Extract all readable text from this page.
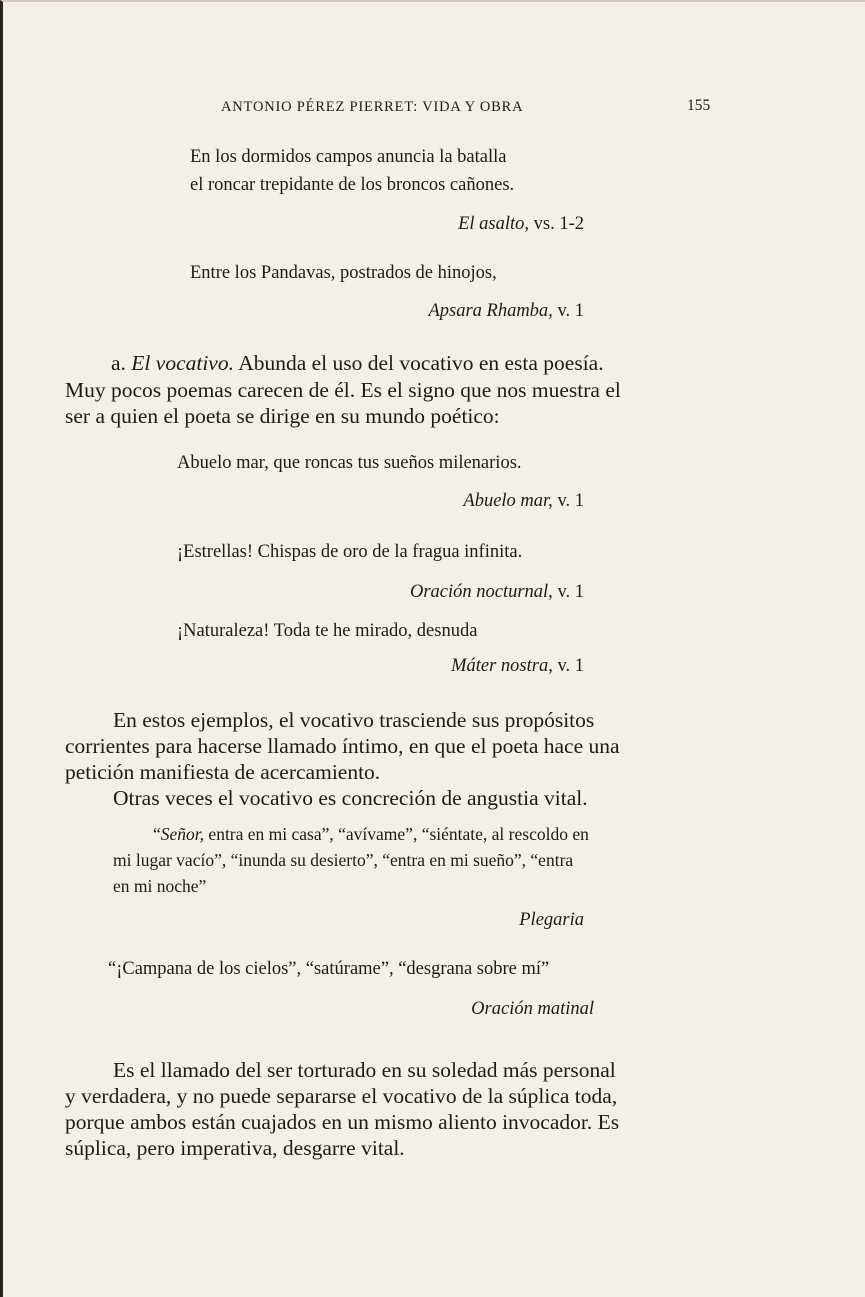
ANTONIO PÉREZ PIERRET: VIDA Y OBRA	155
En los dormidos campos anuncia la batalla
el roncar trepidante de los broncos cañones.
El asalto, vs. 1-2
Entre los Pandavas, postrados de hinojos,
Apsara Rhamba, v. 1
a. El vocativo. Abunda el uso del vocativo en esta poesía.
Muy pocos poemas carecen de él. Es el signo que nos muestra el
ser a quien el poeta se dirige en su mundo poético:
Abuelo mar, que roncas tus sueños milenarios.
Abuelo mar, v. 1
¡Estrellas! Chispas de oro de la fragua infinita.
Oración nocturnal, v. 1
¡Naturaleza! Toda te he mirado, desnuda
Máter nostra, v. 1
En estos ejemplos, el vocativo trasciende sus propósitos
corrientes para hacerse llamado íntimo, en que el poeta hace una
petición manifiesta de acercamiento.
Otras veces el vocativo es concreción de angustia vital.
“Señor, entra en mi casa”, “avívame”, “siéntate, al rescoldo en
mi lugar vacío”, “inunda su desierto”, “entra en mi sueño”, “entra
en mi noche”
Plegaria
“¡Campana de los cielos”, “satúrame”, “desgrana sobre mí”
Oración matinal
Es el llamado del ser torturado en su soledad más personal
y verdadera, y no puede separarse el vocativo de la súplica toda,
porque ambos están cuajados en un mismo aliento invocador. Es
súplica, pero imperativa, desgarre vital.
